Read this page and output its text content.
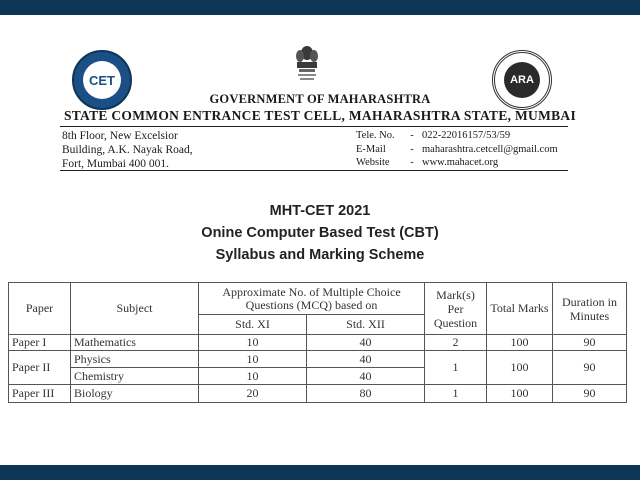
CET	ARA
GOVERNMENT OF MAHARASHTRA
STATE COMMON ENTRANCE TEST CELL, MAHARASHTRA STATE, MUMBAI
8th Floor, New Excelsior
Building, A.K. Nayak Road,
Fort, Mumbai 400 001.
Tele. No.	- 022-22016157/53/59
E-Mail	- maharashtra.cetcell@gmail.com
Website	- www.mahacet.org
MHT-CET 2021
Onine Computer Based Test (CBT)
Syllabus and Marking Scheme
Paper	Subject	Approximate No. of Multiple Choice Questions (MCQ) based on		Mark(s) Per Question	Total Marks	Duration in Minutes
		Std. XI	Std. XII			
Paper I	Mathematics	10	40	2	100	90
Paper II	Physics	10	40	1	100	90
	Chemistry	10	40			
Paper III	Biology	20	80	1	100	90
